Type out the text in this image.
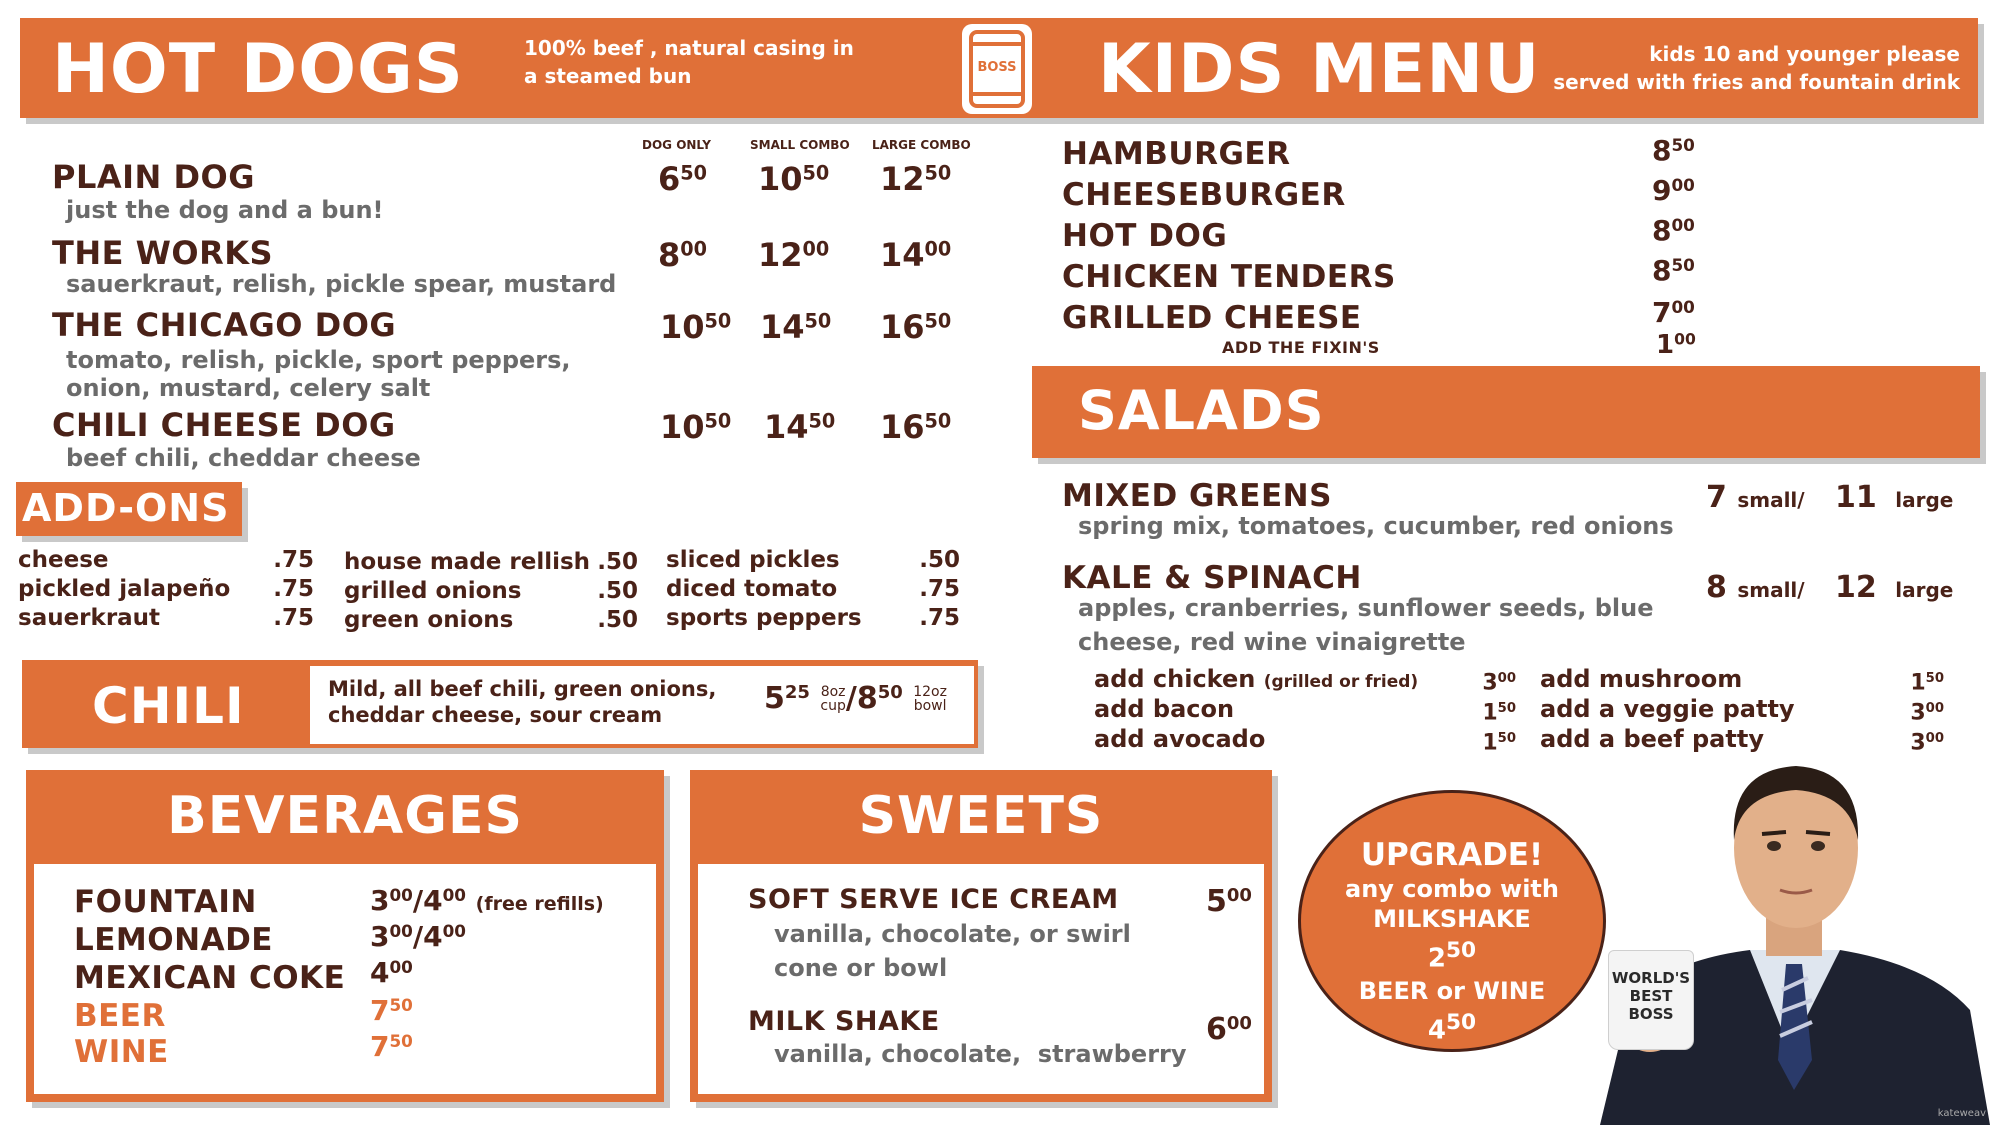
HOT DOGS	100% beef , natural casing in
a steamed bun	BOSS KIDS MENU	kids 10 and younger please
served with fries and fountain drink
DOG ONLY	SMALL COMBO LARGE COMBO
PLAIN DOG
just the dog and a bun!
$6^{50}$ $10^{50}$ $12^{50}$
THE WORKS
sauerkraut, relish, pickle spear, mustard
$8^{00}$ $12^{00}$ $14^{00}$
THE CHICAGO DOG
tomato, relish, pickle, sport peppers,
onion, mustard, celery salt
$10^{50}$ $14^{50}$ $16^{50}$
CHILI CHEESE DOG
beef chili, cheddar cheese
$10^{50}$ $14^{50}$ $16^{50}$
ADD-ONS
cheese	.75
pickled jalapeño .75
sauerkraut	.75
house made rellish .50
grilled onions	.50
green onions	.50
sliced pickles	.50
diced tomato	.75
sports peppers	.75
CHILI	Mild, all beef chili, green onions,
cheddar cheese, sour cream	$5^{25}$ 8oz
cup $/8^{50}$ 12oz
bowl
HAMBURGER	$8^{50}$
CHEESEBURGER	$9^{00}$
HOT DOG	$8^{00}$
CHICKEN TENDERS	$8^{50}$
GRILLED CHEESE	$7^{00}$
ADD THE FIXIN'S	$1^{00}$
SALADS
MIXED GREENS
spring mix, tomatoes, cucumber, red onions
7 small/ 11 large
KALE & SPINACH
apples, cranberries, sunflower seeds, blue
cheese, red wine vinaigrette
8 small/ 12 large
add chicken (grilled or fried)	$3^{00}$
add bacon	$1^{50}$
add avocado	$1^{50}$
add mushroom	$1^{50}$
add a veggie patty	$3^{00}$
add a beef patty	$3^{00}$
BEVERAGES
FOUNTAIN	$3^{00}/4^{00}$ (free refills)
LEMONADE	$3^{00}/4^{00}$
MEXICAN COKE $4^{00}$
BEER	$7^{50}$
WINE	$7^{50}$
SWEETS
SOFT SERVE ICE CREAM
vanilla, chocolate, or swirl
cone or bowl
$5^{00}$
MILK SHAKE
vanilla, chocolate,  strawberry
$6^{00}$
UPGRADE!
any combo with
MILKSHAKE
$2^{50}$
BEER or WINE
$4^{50}$
WORLD'S
BEST
BOSS
kateweav
